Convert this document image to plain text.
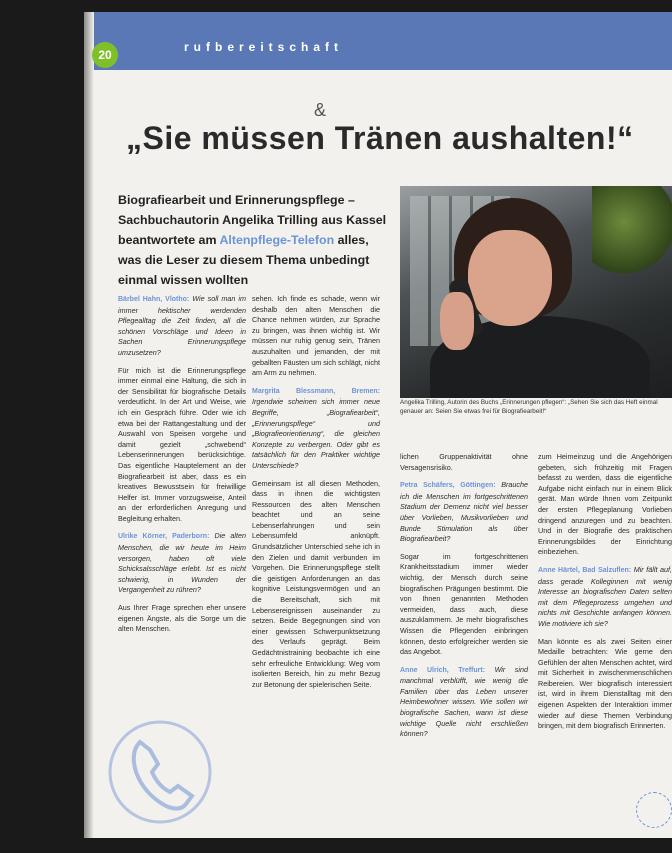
rufbereitschaft
20
&
„Sie müssen Tränen aushalten!“
Biografiearbeit und Erinnerungspflege – Sachbuchautorin Angelika Trilling aus Kassel beantwortete am Altenpflege-Telefon alles, was die Leser zu diesem Thema unbedingt einmal wissen wollten
Angelika Trilling, Autorin des Buchs „Erinnerungen pflegen“: „Sehen Sie sich das Heft einmal genauer an: Seien Sie etwas frei für Biografiearbeit!“

Bärbel Hahn, Vlotho: Wie soll man im immer hektischer werdenden Pflegealltag die Zeit finden, all die schönen Vorschläge und Ideen in Sachen Erinnerungspflege umzusetzen?

Für mich ist die Erinnerungspflege immer einmal eine Haltung, die sich in der Sensibilität für biografische Details verdeutlicht. In der Art und Weise, wie ich ein Gespräch führe. Oder wie ich etwa bei der Rattangestaltung und der Auswahl von Speisen vorgehe und damit gezielt „schwebend“ Lebenserinnerungen berücksichtige. Das eigentliche Hauptelement an der Biografiearbeit ist aber, dass es ein kreatives Bewusstsein für freiwillige Helfer ist. Immer vorzugsweise, Anteil an der erforderlichen Anregung und Begleitung erhalten.

Ulrike Körner, Paderborn: Die alten Menschen, die wir heute im Heim versorgen, haben oft viele Schicksalsschläge erlebt. Ist es nicht schwierig, in Wunden der Vergangenheit zu rühren?

Aus Ihrer Frage sprechen eher unsere eigenen Ängste, als die Sorge um die alten Menschen.

sehen. Ich finde es schade, wenn wir deshalb den alten Menschen die Chance nehmen würden, zur Sprache zu bringen, was ihnen wichtig ist. Wir müssen nur ruhig genug sein, Tränen auszuhalten und jemanden, der mit geballten Fäusten um sich schlägt, nicht am Arm zu nehmen.

Margrita Blessmann, Bremen: Irgendwie scheinen sich immer neue Begriffe, „Biografiearbeit“, „Erinnerungspflege“ und „Biografieorientierung“, die gleichen Konzepte zu verbergen. Oder gibt es tatsächlich für den Praktiker wichtige Unterschiede?

Gemeinsam ist all diesen Methoden, dass in ihnen die wichtigsten Ressourcen des alten Menschen beachtet und an seine Lebenserfahrungen und sein Lebensumfeld anknüpft. Grundsätzlicher Unterschied sehe ich in den Zielen und damit verbunden im Vorgehen. Die Erinnerungspflege stellt die geistigen Anforderungen an das kognitive Leistungsvermögen und an die Bereitschaft, sich mit Lebensereignissen auseinander zu setzen. Beide Begegnungen sind von einer gewissen Schwerpunktsetzung des Verlaufs geprägt. Beim Gedächtnistraining beobachte ich eine sehr erfreuliche Entwicklung: Weg vom isolierten Bereich, hin zu mehr Bezug zur Betonung der spielerischen Seite.

lichen Gruppenaktivität ohne Versagensrisiko.

Petra Schäfers, Göttingen: Brauche ich die Menschen im fortgeschrittenen Stadium der Demenz nicht viel besser über Vorlieben, Musikvorlieben und Bunde Stimulation als über Biografiearbeit?

Sogar im fortgeschrittenen Krankheitsstadium immer wieder wichtig, der Mensch durch seine biografischen Prägungen bestimmt. Die von Ihnen genannten Methoden vermeiden, dass auch, diese auszuklammern. Je mehr biografisches Wissen die Pflegenden einbringen können, desto erfolgreicher werden sie das Angebot.

Anne Ulrich, Treffurt: Wir sind manchmal verblüfft, wie wenig die Familien über das Leben unserer Heimbewohner wissen. Wie sollen wir biografische Sachen, wann ist diese wichtige Quelle nicht erschließen können?

zum Heimeinzug und die Angehörigen gebeten, sich frühzeitig mit Fragen befasst zu werden, dass die eigentliche Aufgabe nicht einfach nur in einem Blick gerät. Man würde Ihnen vom Zeitpunkt der ersten Pflegeplanung Vorlieben dringend anzuregen und zu beachten. Und in der Biografie des praktischen Erinnerungsbildes der Einrichtung einbeziehen.

Anne Härtel, Bad Salzuflen: Mir fällt auf, dass gerade Kolleginnen mit wenig Interesse an biografischen Daten selten mit dem Pflegeprozess umgehen und nichts mit Geschichte anfangen können. Wie motiviere ich sie?

Man könnte es als zwei Seiten einer Medaille betrachten: Wie gerne den Gefühlen der alten Menschen achtet, wird mit Sicherheit in zwischenmenschlichen Reibereien. Wer biografisch interessiert ist, wird in ihrem Dienstalltag mit den eigenen Aspekten der Interaktion immer wieder auf diese Themen Verbindung bringen, mit dem biografisch Erinnerten.
